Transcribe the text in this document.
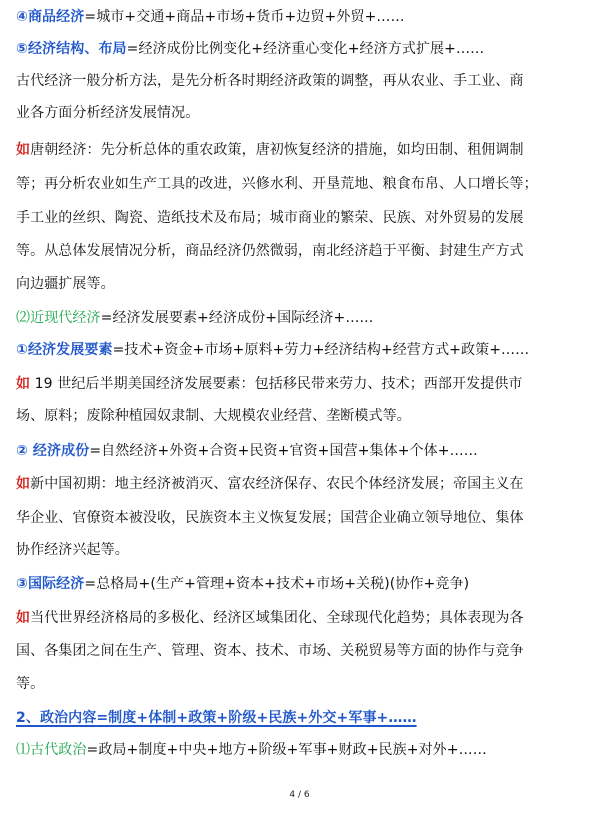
④商品经济=城市+交通+商品+市场+货币+边贸+外贸+……
⑤经济结构、布局=经济成份比例变化+经济重心变化+经济方式扩展+……
古代经济一般分析方法，是先分析各时期经济政策的调整，再从农业、手工业、商
业各方面分析经济发展情况。
如唐朝经济：先分析总体的重农政策，唐初恢复经济的措施，如均田制、租佣调制
等；再分析农业如生产工具的改进，兴修水利、开垦荒地、粮食布帛、人口增长等；
手工业的丝织、陶瓷、造纸技术及布局；城市商业的繁荣、民族、对外贸易的发展
等。从总体发展情况分析，商品经济仍然微弱，南北经济趋于平衡、封建生产方式
向边疆扩展等。
⑵近现代经济=经济发展要素+经济成份+国际经济+……
①经济发展要素=技术+资金+市场+原料+劳力+经济结构+经营方式+政策+……
如 19 世纪后半期美国经济发展要素：包括移民带来劳力、技术；西部开发提供市
场、原料；废除种植园奴隶制、大规模农业经营、垄断模式等。
② 经济成份=自然经济+外资+合资+民资+官资+国营+集体+个体+……
如新中国初期：地主经济被消灭、富农经济保存、农民个体经济发展；帝国主义在
华企业、官僚资本被没收，民族资本主义恢复发展；国营企业确立领导地位、集体
协作经济兴起等。
③国际经济=总格局+(生产+管理+资本+技术+市场+关税)(协作+竞争)
如当代世界经济格局的多极化、经济区域集团化、全球现代化趋势；具体表现为各
国、各集团之间在生产、管理、资本、技术、市场、关税贸易等方面的协作与竞争
等。
2、政治内容=制度+体制+政策+阶级+民族+外交+军事+……
⑴古代政治=政局+制度+中央+地方+阶级+军事+财政+民族+对外+……
4 / 6
